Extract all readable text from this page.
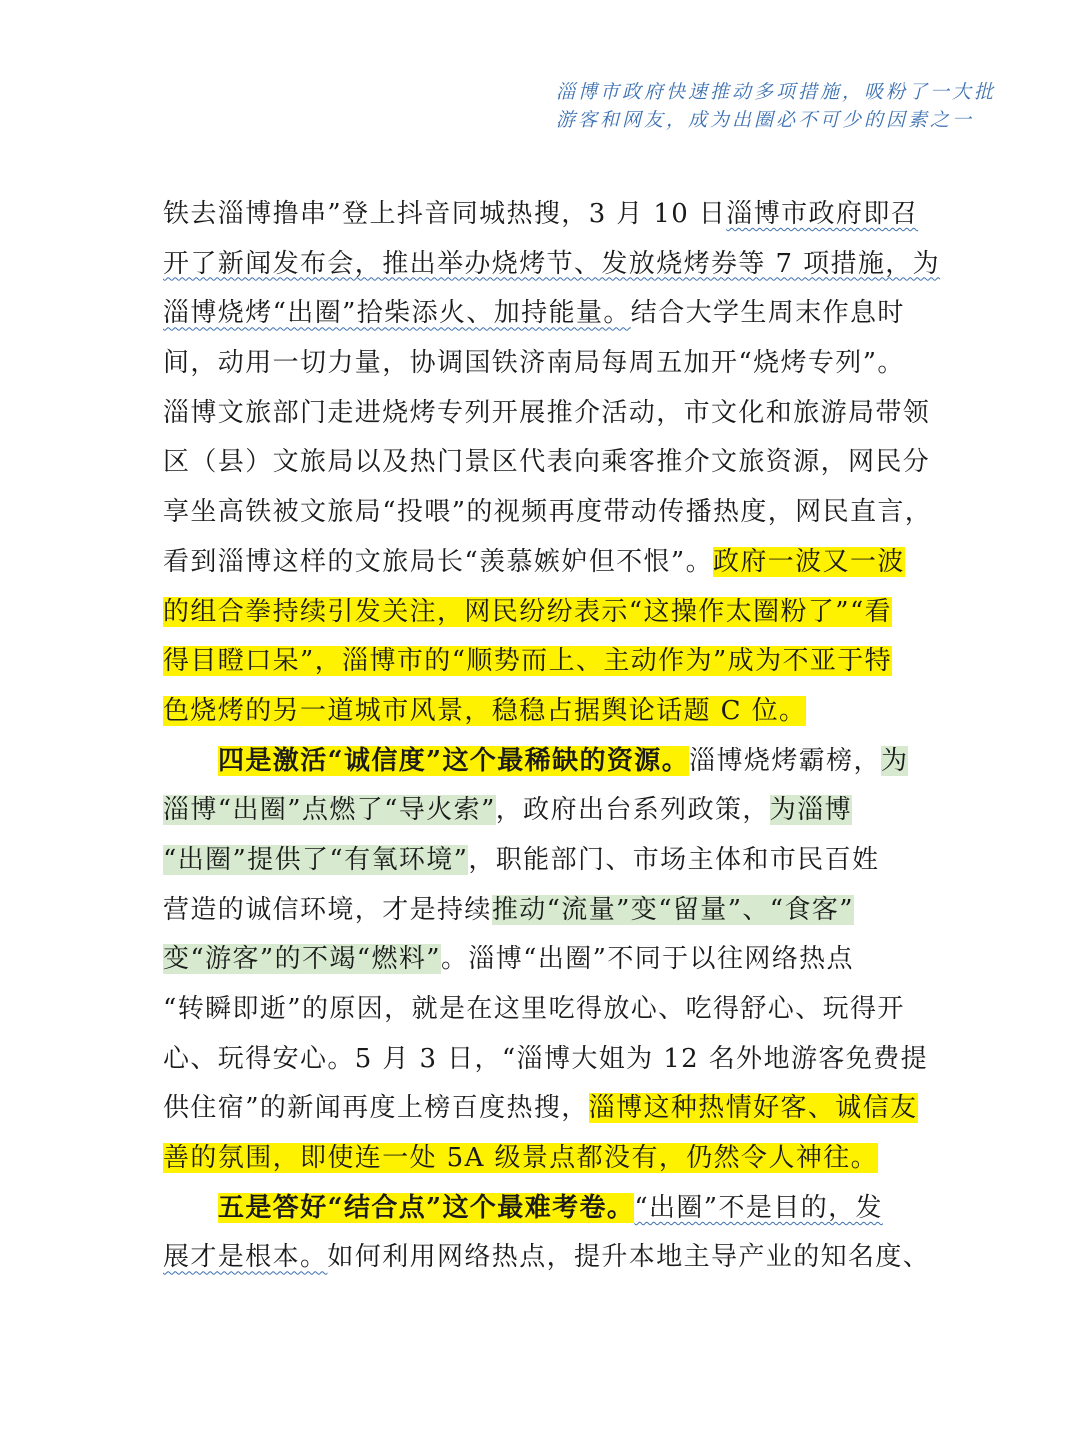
淄博市政府快速推动多项措施，吸粉了一大批
游客和网友，成为出圈必不可少的因素之一
铁去淄博撸串”登上抖音同城热搜，3 月 10 日淄博市政府即召
开了新闻发布会，推出举办烧烤节、发放烧烤券等 7 项措施，为
淄博烧烤“出圈”拾柴添火、加持能量。结合大学生周末作息时
间，动用一切力量，协调国铁济南局每周五加开“烧烤专列”。
淄博文旅部门走进烧烤专列开展推介活动，市文化和旅游局带领
区（县）文旅局以及热门景区代表向乘客推介文旅资源，网民分
享坐高铁被文旅局“投喂”的视频再度带动传播热度，网民直言，
看到淄博这样的文旅局长“羡慕嫉妒但不恨”。政府一波又一波
的组合拳持续引发关注，网民纷纷表示“这操作太圈粉了”“看
得目瞪口呆”，淄博市的“顺势而上、主动作为”成为不亚于特
色烧烤的另一道城市风景，稳稳占据舆论话题 C 位。
四是激活“诚信度”这个最稀缺的资源。淄博烧烤霸榜，为
淄博“出圈”点燃了“导火索”，政府出台系列政策，为淄博
“出圈”提供了“有氧环境”，职能部门、市场主体和市民百姓
营造的诚信环境，才是持续推动“流量”变“留量”、“食客”
变“游客”的不竭“燃料”。淄博“出圈”不同于以往网络热点
“转瞬即逝”的原因，就是在这里吃得放心、吃得舒心、玩得开
心、玩得安心。5 月 3 日，“淄博大姐为 12 名外地游客免费提
供住宿”的新闻再度上榜百度热搜，淄博这种热情好客、诚信友
善的氛围，即使连一处 5A 级景点都没有，仍然令人神往。
五是答好“结合点”这个最难考卷。“出圈”不是目的，发
展才是根本。如何利用网络热点，提升本地主导产业的知名度、
